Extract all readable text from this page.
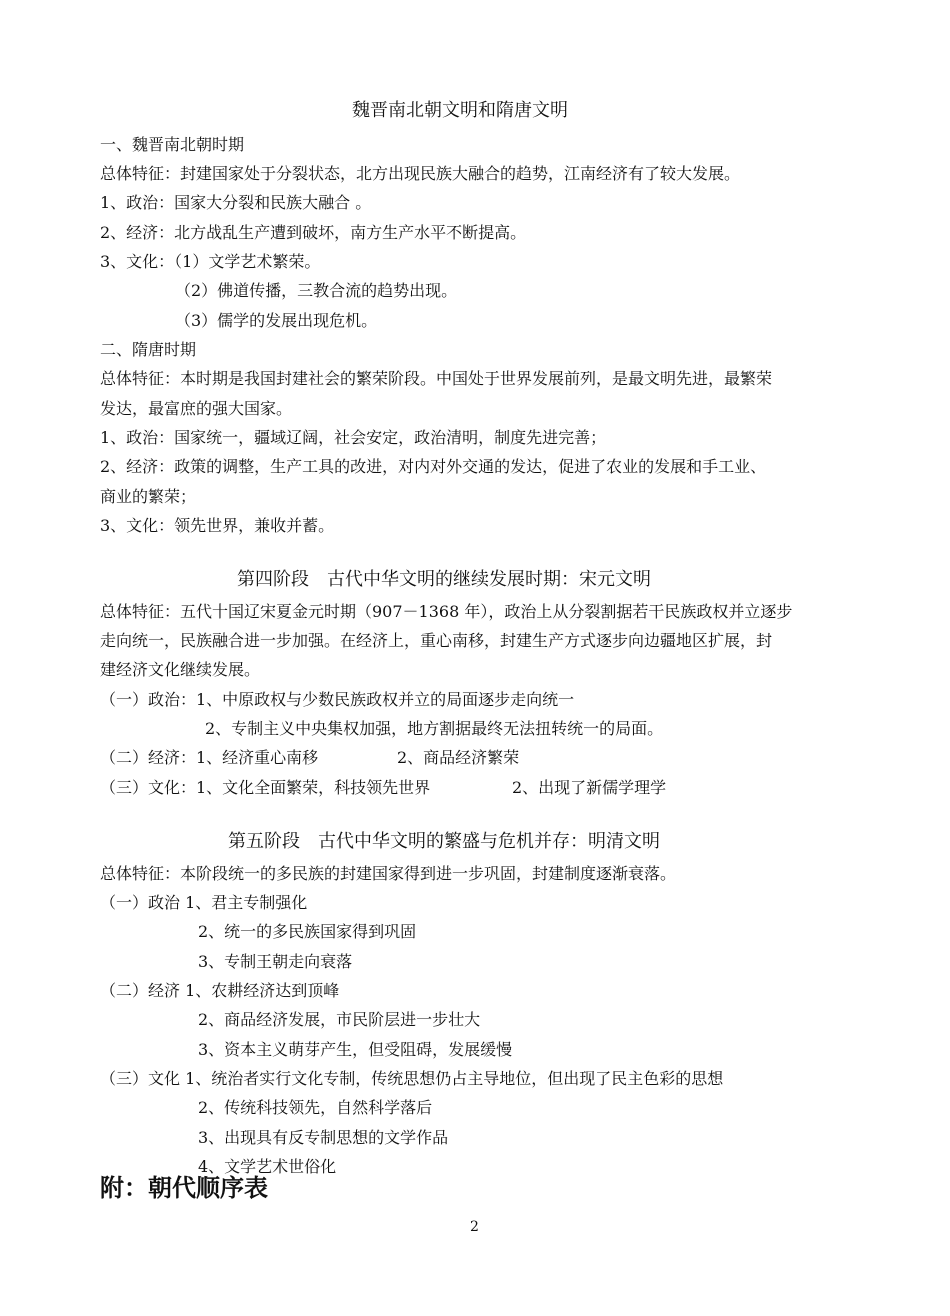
魏晋南北朝文明和隋唐文明
一、魏晋南北朝时期
总体特征：封建国家处于分裂状态，北方出现民族大融合的趋势，江南经济有了较大发展。
1、政治：国家大分裂和民族大融合 。
2、经济：北方战乱生产遭到破坏，南方生产水平不断提高。
3、文化：（1）文学艺术繁荣。
（2）佛道传播，三教合流的趋势出现。
（3）儒学的发展出现危机。
二、隋唐时期
总体特征：本时期是我国封建社会的繁荣阶段。中国处于世界发展前列，是最文明先进，最繁荣
发达，最富庶的强大国家。
1、政治：国家统一，疆域辽阔，社会安定，政治清明，制度先进完善；
2、经济：政策的调整，生产工具的改进，对内对外交通的发达，促进了农业的发展和手工业、
商业的繁荣；
3、文化：领先世界，兼收并蓄。
第四阶段　古代中华文明的继续发展时期：宋元文明
总体特征：五代十国辽宋夏金元时期（907－1368 年），政治上从分裂割据若干民族政权并立逐步
走向统一，民族融合进一步加强。在经济上，重心南移，封建生产方式逐步向边疆地区扩展，封
建经济文化继续发展。
（一）政治：1、中原政权与少数民族政权并立的局面逐步走向统一
2、专制主义中央集权加强，地方割据最终无法扭转统一的局面。
（二）经济：1、经济重心南移	2、商品经济繁荣
（三）文化：1、文化全面繁荣，科技领先世界	2、出现了新儒学理学
第五阶段　古代中华文明的繁盛与危机并存：明清文明
总体特征：本阶段统一的多民族的封建国家得到进一步巩固，封建制度逐渐衰落。
（一）政治 1、君主专制强化
2、统一的多民族国家得到巩固
3、专制王朝走向衰落
（二）经济 1、农耕经济达到顶峰
2、商品经济发展，市民阶层进一步壮大
3、资本主义萌芽产生，但受阻碍，发展缓慢
（三）文化 1、统治者实行文化专制，传统思想仍占主导地位，但出现了民主色彩的思想
2、传统科技领先，自然科学落后
3、出现具有反专制思想的文学作品
4、文学艺术世俗化
附：朝代顺序表
2
